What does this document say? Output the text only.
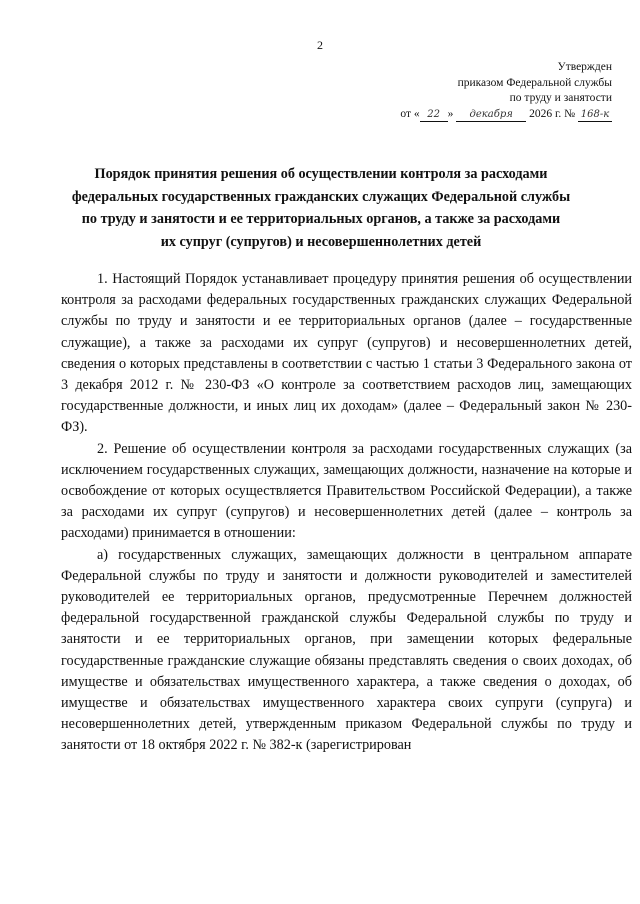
2
Утвержден
приказом Федеральной службы
по труду и занятости
от « 22 » декабря 2026 г. № 168-к
Порядок принятия решения об осуществлении контроля за расходами
федеральных государственных гражданских служащих Федеральной службы
по труду и занятости и ее территориальных органов, а также за расходами
их супруг (супругов) и несовершеннолетних детей

1. Настоящий Порядок устанавливает процедуру принятия решения об осуществлении контроля за расходами федеральных государственных гражданских служащих Федеральной службы по труду и занятости и ее территориальных органов (далее – государственные служащие), а также за расходами их супруг (супругов) и несовершеннолетних детей, сведения о которых представлены в соответствии с частью 1 статьи 3 Федерального закона от 3 декабря 2012 г. № 230-ФЗ «О контроле за соответствием расходов лиц, замещающих государственные должности, и иных лиц их доходам» (далее – Федеральный закон № 230-ФЗ).

2. Решение об осуществлении контроля за расходами государственных служащих (за исключением государственных служащих, замещающих должности, назначение на которые и освобождение от которых осуществляется Правительством Российской Федерации), а также за расходами их супруг (супругов) и несовершеннолетних детей (далее – контроль за расходами) принимается в отношении:

а) государственных служащих, замещающих должности в центральном аппарате Федеральной службы по труду и занятости и должности руководителей и заместителей руководителей ее территориальных органов, предусмотренные Перечнем должностей федеральной государственной гражданской службы Федеральной службы по труду и занятости и ее территориальных органов, при замещении которых федеральные государственные гражданские служащие обязаны представлять сведения о своих доходах, об имуществе и обязательствах имущественного характера, а также сведения о доходах, об имуществе и обязательствах имущественного характера своих супруги (супруга) и несовершеннолетних детей, утвержденным приказом Федеральной службы по труду и занятости от 18 октября 2022 г. № 382-к (зарегистрирован
